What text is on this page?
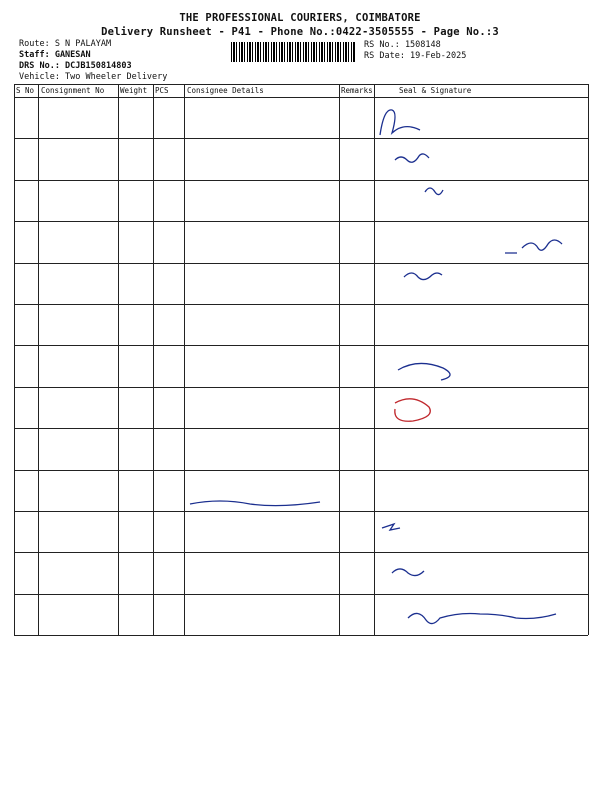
THE PROFESSIONAL COURIERS, COIMBATORE
Delivery Runsheet - P41 - Phone No.:0422-3505555 - Page No.:3
Route: S N PALAYAM
Staff: GANESAN
DRS No.: DCJB150814803
Vehicle: Two Wheeler Delivery
RS No.: 1508148
RS Date: 19-Feb-2025
S No Consignment No Weight PCS Consignee Details	Remarks	Seal & Signature
